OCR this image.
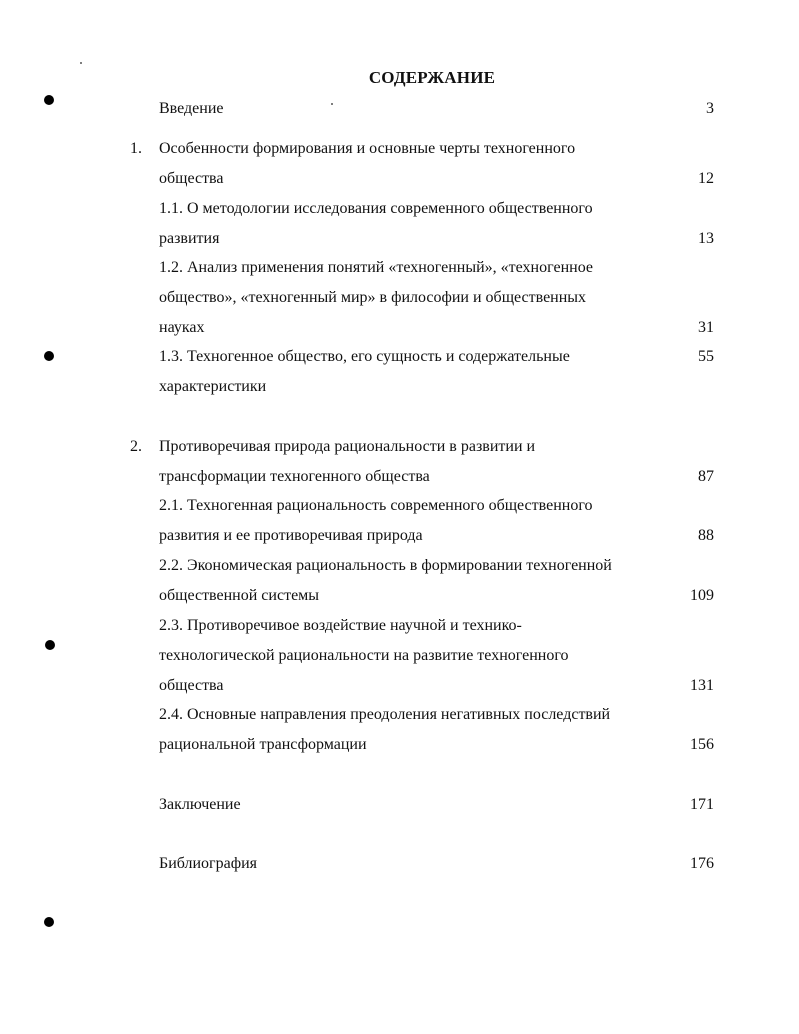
СОДЕРЖАНИЕ
Введение	3
1. Особенности формирования и основные черты техногенного
общества	12
1.1. О методологии исследования современного общественного
развития	13
1.2. Анализ применения понятий «техногенный», «техногенное
общество», «техногенный мир» в философии и общественных
науках	31
1.3. Техногенное общество, его сущность и содержательные	55
характеристики
2. Противоречивая природа рациональности в развитии и
трансформации техногенного общества	87
2.1. Техногенная рациональность современного общественного
развития и ее противоречивая природа	88
2.2. Экономическая рациональность в формировании техногенной
общественной системы	109
2.3. Противоречивое воздействие научной и технико-
технологической рациональности на развитие техногенного
общества	131
2.4. Основные направления преодоления негативных последствий
рациональной трансформации	156
Заключение	171
Библиография	176
